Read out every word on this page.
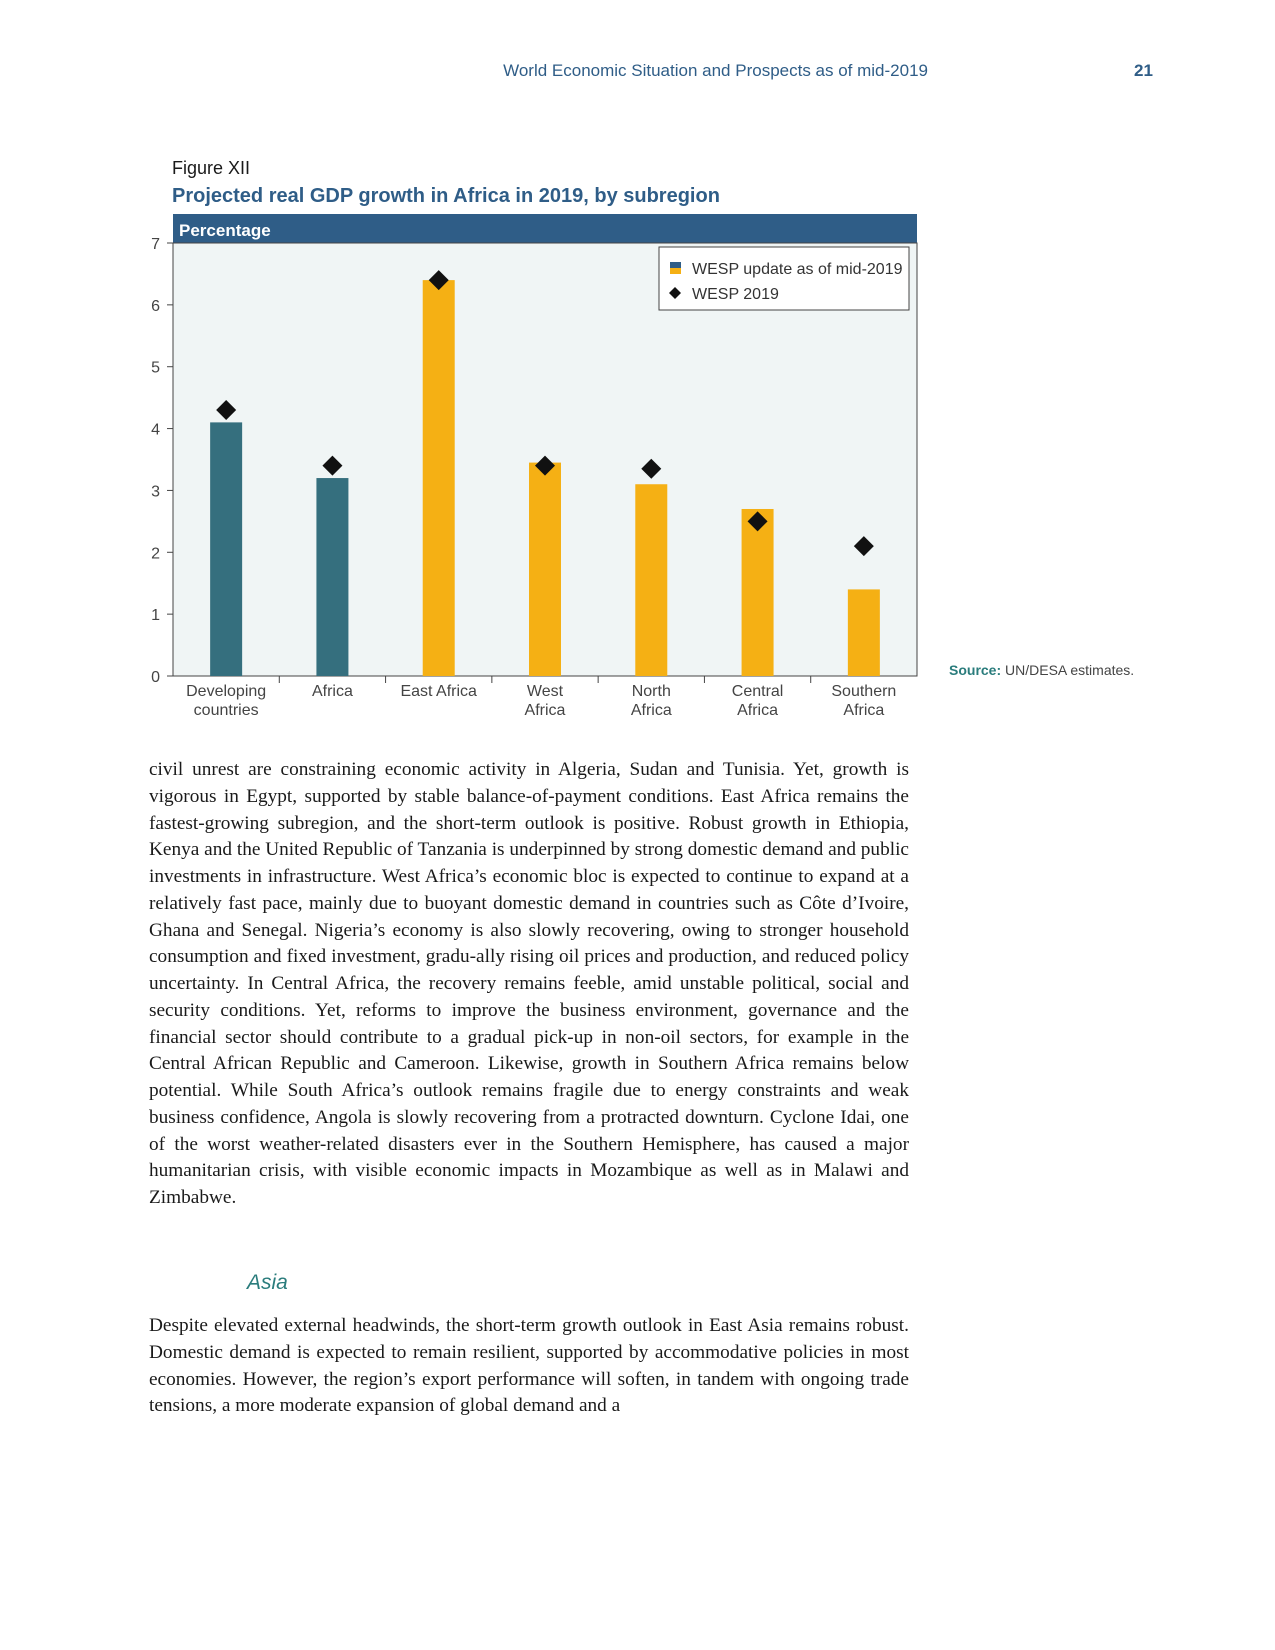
World Economic Situation and Prospects as of mid-2019	21
Figure XII
Projected real GDP growth in Africa in 2019, by subregion
Percentage
0
1
2
3
4
5
6
7
Developing
countries
Africa	East Africa	West
Africa
North
Africa
Central
Africa
Southern
Africa
WESP update as of mid-2019
WESP 2019
Source: UN/DESA estimates.

civil unrest are constraining economic activity in Algeria, Sudan and Tunisia. Yet, growth is vigorous in Egypt, supported by stable balance-of-payment conditions. East Africa remains the fastest-growing subregion, and the short-term outlook is positive. Robust growth in Ethiopia, Kenya and the United Republic of Tanzania is underpinned by strong domestic demand and public investments in infrastructure. West Africa’s economic bloc is expected to continue to expand at a relatively fast pace, mainly due to buoyant domestic demand in countries such as Côte d’Ivoire, Ghana and Senegal. Nigeria’s economy is also slowly recovering, owing to stronger household consumption and fixed investment, gradu-ally rising oil prices and production, and reduced policy uncertainty. In Central Africa, the recovery remains feeble, amid unstable political, social and security conditions. Yet, reforms to improve the business environment, governance and the financial sector should contribute to a gradual pick-up in non-oil sectors, for example in the Central African Republic and Cameroon. Likewise, growth in Southern Africa remains below potential. While South Africa’s outlook remains fragile due to energy constraints and weak business confidence, Angola is slowly recovering from a protracted downturn. Cyclone Idai, one of the worst weather-related disasters ever in the Southern Hemisphere, has caused a major humanitarian crisis, with visible economic impacts in Mozambique as well as in Malawi and Zimbabwe.

Asia

Despite elevated external headwinds, the short-term growth outlook in East Asia remains robust. Domestic demand is expected to remain resilient, supported by accommodative policies in most economies. However, the region’s export performance will soften, in tandem with ongoing trade tensions, a more moderate expansion of global demand and a
